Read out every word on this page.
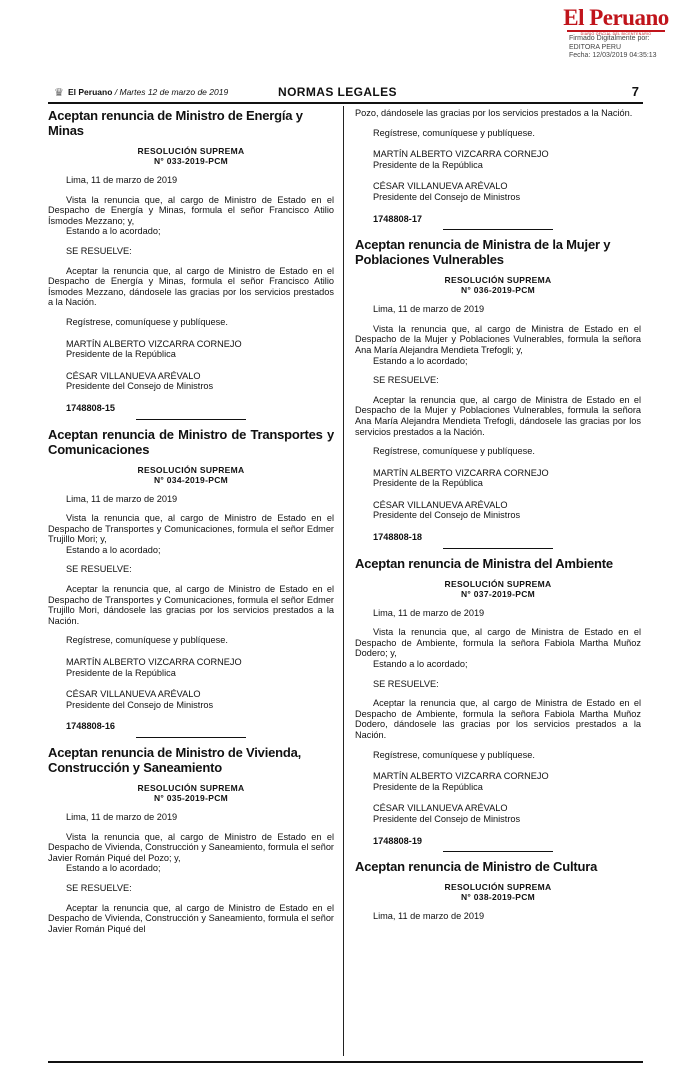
El Peruano
DIARIO OFICIAL DEL BICENTENARIO
Firmado Digitalmente por:
EDITORA PERU
Fecha: 12/03/2019 04:35:13
♛ El Peruano / Martes 12 de marzo de 2019	NORMAS LEGALES	7
Aceptan renuncia de Ministro de Energía y Minas
RESOLUCIÓN SUPREMA
N° 033-2019-PCM
Lima, 11 de marzo de 2019
Vista la renuncia que, al cargo de Ministro de Estado en el Despacho de Energía y Minas, formula el señor Francisco Atilio Ísmodes Mezzano; y,
Estando a lo acordado;
SE RESUELVE:
Aceptar la renuncia que, al cargo de Ministro de Estado en el Despacho de Energía y Minas, formula el señor Francisco Atilio Ísmodes Mezzano, dándosele las gracias por los servicios prestados a la Nación.
Regístrese, comuníquese y publíquese.
MARTÍN ALBERTO VIZCARRA CORNEJO
Presidente de la República
CÉSAR VILLANUEVA ARÉVALO
Presidente del Consejo de Ministros
1748808-15
Aceptan renuncia de Ministro de Transportes y Comunicaciones
RESOLUCIÓN SUPREMA
N° 034-2019-PCM
Lima, 11 de marzo de 2019
Vista la renuncia que, al cargo de Ministro de Estado en el Despacho de Transportes y Comunicaciones, formula el señor Edmer Trujillo Mori; y,
Estando a lo acordado;
SE RESUELVE:
Aceptar la renuncia que, al cargo de Ministro de Estado en el Despacho de Transportes y Comunicaciones, formula el señor Edmer Trujillo Mori, dándosele las gracias por los servicios prestados a la Nación.
Regístrese, comuníquese y publíquese.
MARTÍN ALBERTO VIZCARRA CORNEJO
Presidente de la República
CÉSAR VILLANUEVA ARÉVALO
Presidente del Consejo de Ministros
1748808-16
Aceptan renuncia de Ministro de Vivienda, Construcción y Saneamiento
RESOLUCIÓN SUPREMA
N° 035-2019-PCM
Lima, 11 de marzo de 2019
Vista la renuncia que, al cargo de Ministro de Estado en el Despacho de Vivienda, Construcción y Saneamiento, formula el señor Javier Román Piqué del Pozo; y,
Estando a lo acordado;
SE RESUELVE:
Aceptar la renuncia que, al cargo de Ministro de Estado en el Despacho de Vivienda, Construcción y Saneamiento, formula el señor Javier Román Piqué del
Pozo, dándosele las gracias por los servicios prestados a la Nación.
Regístrese, comuníquese y publíquese.
MARTÍN ALBERTO VIZCARRA CORNEJO
Presidente de la República
CÉSAR VILLANUEVA ARÉVALO
Presidente del Consejo de Ministros
1748808-17
Aceptan renuncia de Ministra de la Mujer y Poblaciones Vulnerables
RESOLUCIÓN SUPREMA
N° 036-2019-PCM
Lima, 11 de marzo de 2019
Vista la renuncia que, al cargo de Ministra de Estado en el Despacho de la Mujer y Poblaciones Vulnerables, formula la señora Ana María Alejandra Mendieta Trefogli; y,
Estando a lo acordado;
SE RESUELVE:
Aceptar la renuncia que, al cargo de Ministra de Estado en el Despacho de la Mujer y Poblaciones Vulnerables, formula la señora Ana María Alejandra Mendieta Trefogli, dándosele las gracias por los servicios prestados a la Nación.
Regístrese, comuníquese y publíquese.
MARTÍN ALBERTO VIZCARRA CORNEJO
Presidente de la República
CÉSAR VILLANUEVA ARÉVALO
Presidente del Consejo de Ministros
1748808-18
Aceptan renuncia de Ministra del Ambiente
RESOLUCIÓN SUPREMA
N° 037-2019-PCM
Lima, 11 de marzo de 2019
Vista la renuncia que, al cargo de Ministra de Estado en el Despacho de Ambiente, formula la señora Fabiola Martha Muñoz Dodero; y,
Estando a lo acordado;
SE RESUELVE:
Aceptar la renuncia que, al cargo de Ministra de Estado en el Despacho de Ambiente, formula la señora Fabiola Martha Muñoz Dodero, dándosele las gracias por los servicios prestados a la Nación.
Regístrese, comuníquese y publíquese.
MARTÍN ALBERTO VIZCARRA CORNEJO
Presidente de la República
CÉSAR VILLANUEVA ARÉVALO
Presidente del Consejo de Ministros
1748808-19
Aceptan renuncia de Ministro de Cultura
RESOLUCIÓN SUPREMA
N° 038-2019-PCM
Lima, 11 de marzo de 2019
